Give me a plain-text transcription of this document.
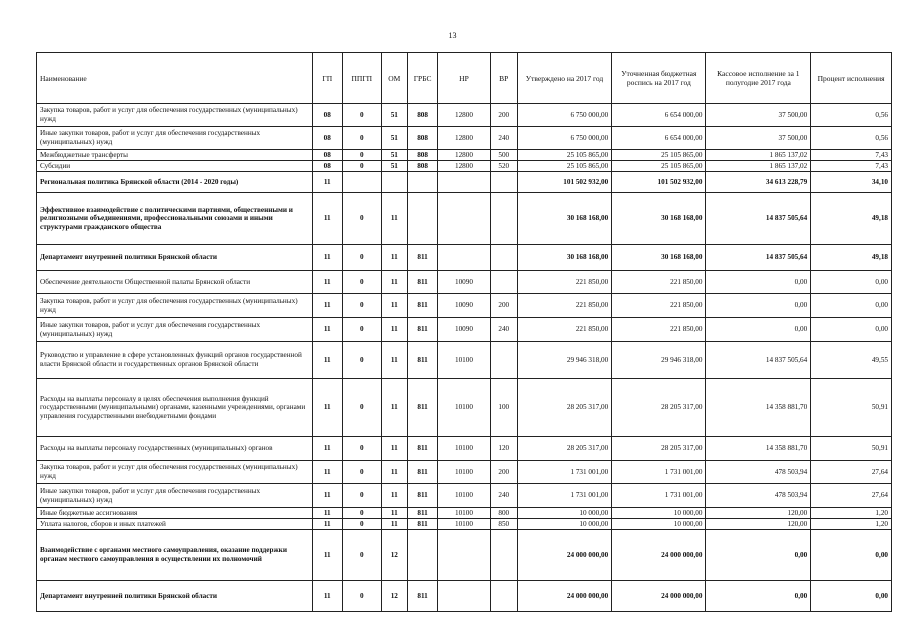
13
Наименование	ГП	ППГП	ОМ	ГРБС	НР	ВР	Утверждено на 2017 год	Уточненная бюджетная роспись на 2017 год	Кассовое исполнение за 1 полугодие 2017 года	Процент исполнения
Закупка товаров, работ и услуг для обеспечения государственных (муниципальных) нужд	08	0	51	808	12800	200	6 750 000,00	6 654 000,00	37 500,00	0,56
Иные закупки товаров, работ и услуг для обеспечения государственных (муниципальных) нужд	08	0	51	808	12800	240	6 750 000,00	6 654 000,00	37 500,00	0,56
Межбюджетные трансферты	08	0	51	808	12800	500	25 105 865,00	25 105 865,00	1 865 137,02	7,43
Субсидии	08	0	51	808	12800	520	25 105 865,00	25 105 865,00	1 865 137,02	7,43
Региональная политика Брянской области (2014 - 2020 годы)	11						101 502 932,00	101 502 932,00	34 613 228,79	34,10
Эффективное взаимодействие с политическими партиями, общественными и религиозными объединениями, профессиональными союзами и иными структурами гражданского общества	11	0	11				30 168 168,00	30 168 168,00	14 837 505,64	49,18
Департамент внутренней политики Брянской области	11	0	11	811			30 168 168,00	30 168 168,00	14 837 505,64	49,18
Обеспечение деятельности Общественной палаты Брянской области	11	0	11	811	10090		221 850,00	221 850,00	0,00	0,00
Закупка товаров, работ и услуг для обеспечения государственных (муниципальных) нужд	11	0	11	811	10090	200	221 850,00	221 850,00	0,00	0,00
Иные закупки товаров, работ и услуг для обеспечения государственных (муниципальных) нужд	11	0	11	811	10090	240	221 850,00	221 850,00	0,00	0,00
Руководство и управление в сфере установленных функций органов государственной власти Брянской области и государственных органов Брянской области	11	0	11	811	10100		29 946 318,00	29 946 318,00	14 837 505,64	49,55
Расходы на выплаты персоналу в целях обеспечения выполнения функций государственными (муниципальными) органами, казенными учреждениями, органами управления государственными внебюджетными фондами	11	0	11	811	10100	100	28 205 317,00	28 205 317,00	14 358 881,70	50,91
Расходы на выплаты персоналу государственных (муниципальных) органов	11	0	11	811	10100	120	28 205 317,00	28 205 317,00	14 358 881,70	50,91
Закупка товаров, работ и услуг для обеспечения государственных (муниципальных) нужд	11	0	11	811	10100	200	1 731 001,00	1 731 001,00	478 503,94	27,64
Иные закупки товаров, работ и услуг для обеспечения государственных (муниципальных) нужд	11	0	11	811	10100	240	1 731 001,00	1 731 001,00	478 503,94	27,64
Иные бюджетные ассигнования	11	0	11	811	10100	800	10 000,00	10 000,00	120,00	1,20
Уплата налогов, сборов и иных платежей	11	0	11	811	10100	850	10 000,00	10 000,00	120,00	1,20
Взаимодействие с органами местного самоуправления, оказание поддержки органам местного самоуправления в осуществлении их полномочий	11	0	12				24 000 000,00	24 000 000,00	0,00	0,00
Департамент внутренней политики Брянской области	11	0	12	811			24 000 000,00	24 000 000,00	0,00	0,00
